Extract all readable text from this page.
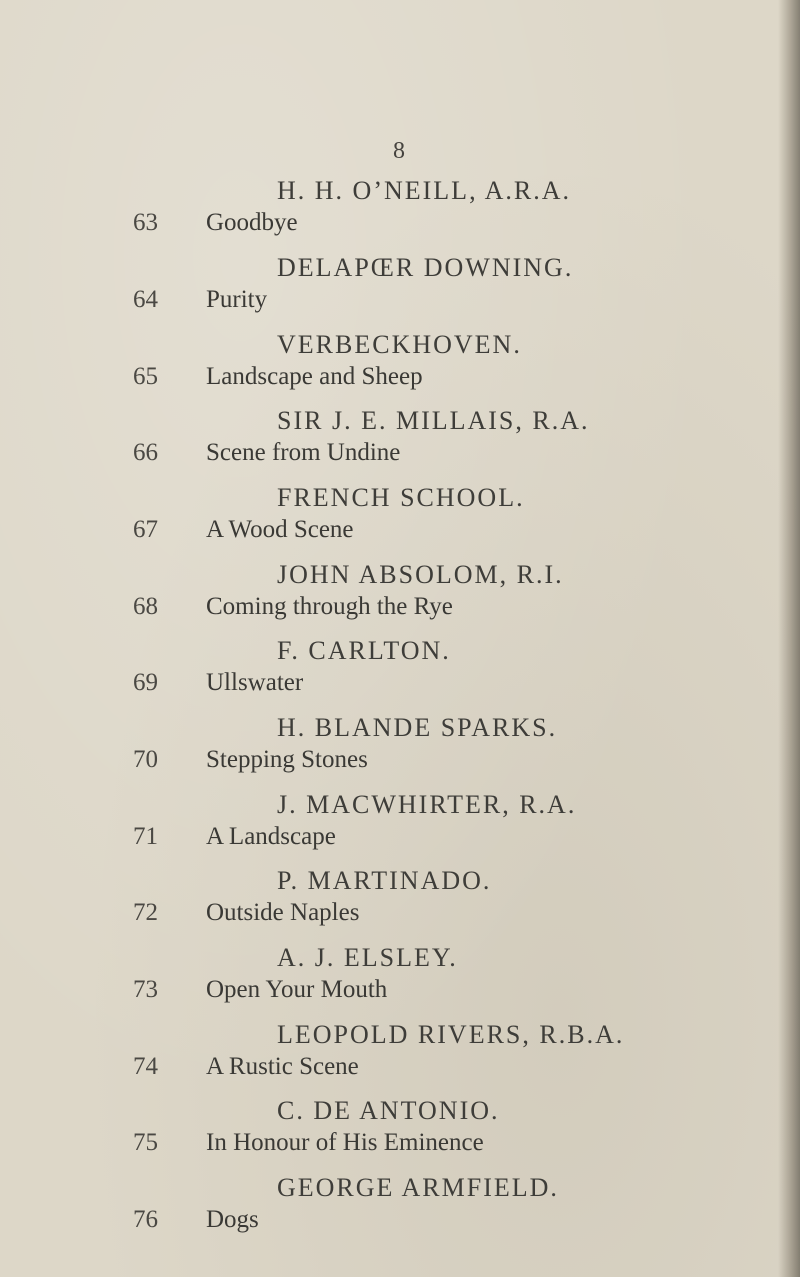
8
H. H. O’NEILL, A.R.A.
63 Goodbye
DELAPŒR DOWNING.
64 Purity
VERBECKHOVEN.
65 Landscape and Sheep
SIR J. E. MILLAIS, R.A.
66 Scene from Undine
FRENCH SCHOOL.
67 A Wood Scene
JOHN ABSOLOM, R.I.
68 Coming through the Rye
F. CARLTON.
69 Ullswater
H. BLANDE SPARKS.
70 Stepping Stones
J. MACWHIRTER, R.A.
71 A Landscape
P. MARTINADO.
72 Outside Naples
A. J. ELSLEY.
73 Open Your Mouth
LEOPOLD RIVERS, R.B.A.
74 A Rustic Scene
C. DE ANTONIO.
75 In Honour of His Eminence
GEORGE ARMFIELD.
76 Dogs
